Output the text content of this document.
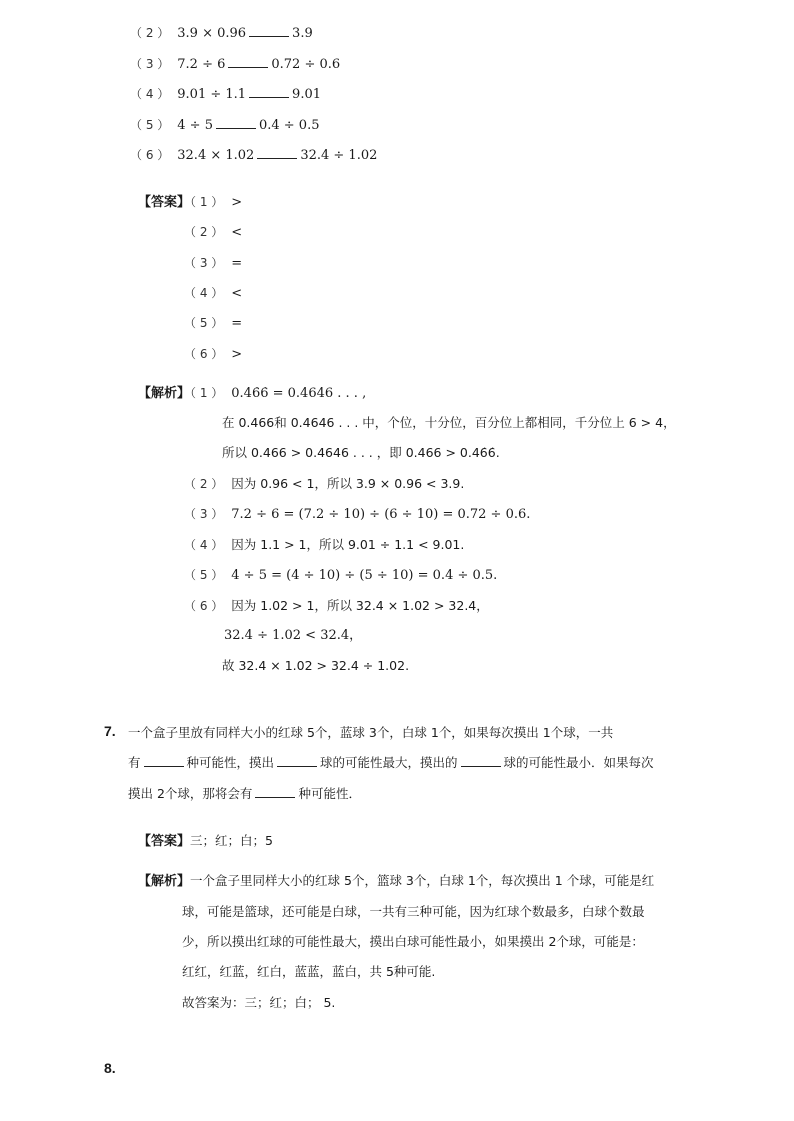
（ 2 ） 3.9 × 0.96	3.9
（ 3 ） 7.2 ÷ 6	0.72 ÷ 0.6
（ 4 ） 9.01 ÷ 1.1	9.01
（ 5 ） 4 ÷ 5	0.4 ÷ 0.5
（ 6 ） 32.4 × 1.02	32.4 ÷ 1.02
【答案】（ 1 ） >
（ 2 ） <
（ 3 ） =
（ 4 ） <
（ 5 ） =
（ 6 ） >
【解析】（ 1 ） 0.46̇6̇ = 0.4646 . . . ,
在 0.466和 0.4646 . . . 中，个位，十分位，百分位上都相同，千分位上 6 > 4，
所以 0.466 > 0.4646 . . . ，即 0.466 > 0.46̇6̇.
（ 2 ） 因为 0.96 < 1，所以 3.9 × 0.96 < 3.9.
（ 3 ） 7.2 ÷ 6 = (7.2 ÷ 10) ÷ (6 ÷ 10) = 0.72 ÷ 0.6.
（ 4 ） 因为 1.1 > 1，所以 9.01 ÷ 1.1 < 9.01.
（ 5 ） 4 ÷ 5 = (4 ÷ 10) ÷ (5 ÷ 10) = 0.4 ÷ 0.5.
（ 6 ） 因为 1.02 > 1，所以 32.4 × 1.02 > 32.4，
32.4 ÷ 1.02 < 32.4，
故 32.4 × 1.02 > 32.4 ÷ 1.02.
7. 一个盒子里放有同样大小的红球 5个，蓝球 3个，白球 1个，如果每次摸出 1个球，一共
有	种可能性，摸出	球的可能性最大，摸出的	球的可能性最小．如果每次
摸出 2个球，那将会有	种可能性．
【答案】三；红；白；5
【解析】一个盒子里同样大小的红球 5个，篮球 3个，白球 1个，每次摸出 1 个球，可能是红
球，可能是篮球，还可能是白球，一共有三种可能，因为红球个数最多，白球个数最
少，所以摸出红球的可能性最大，摸出白球可能性最小，如果摸出 2个球，可能是：
红红，红蓝，红白，蓝蓝，蓝白，共 5种可能.
故答案为：三；红；白； 5.
8.
